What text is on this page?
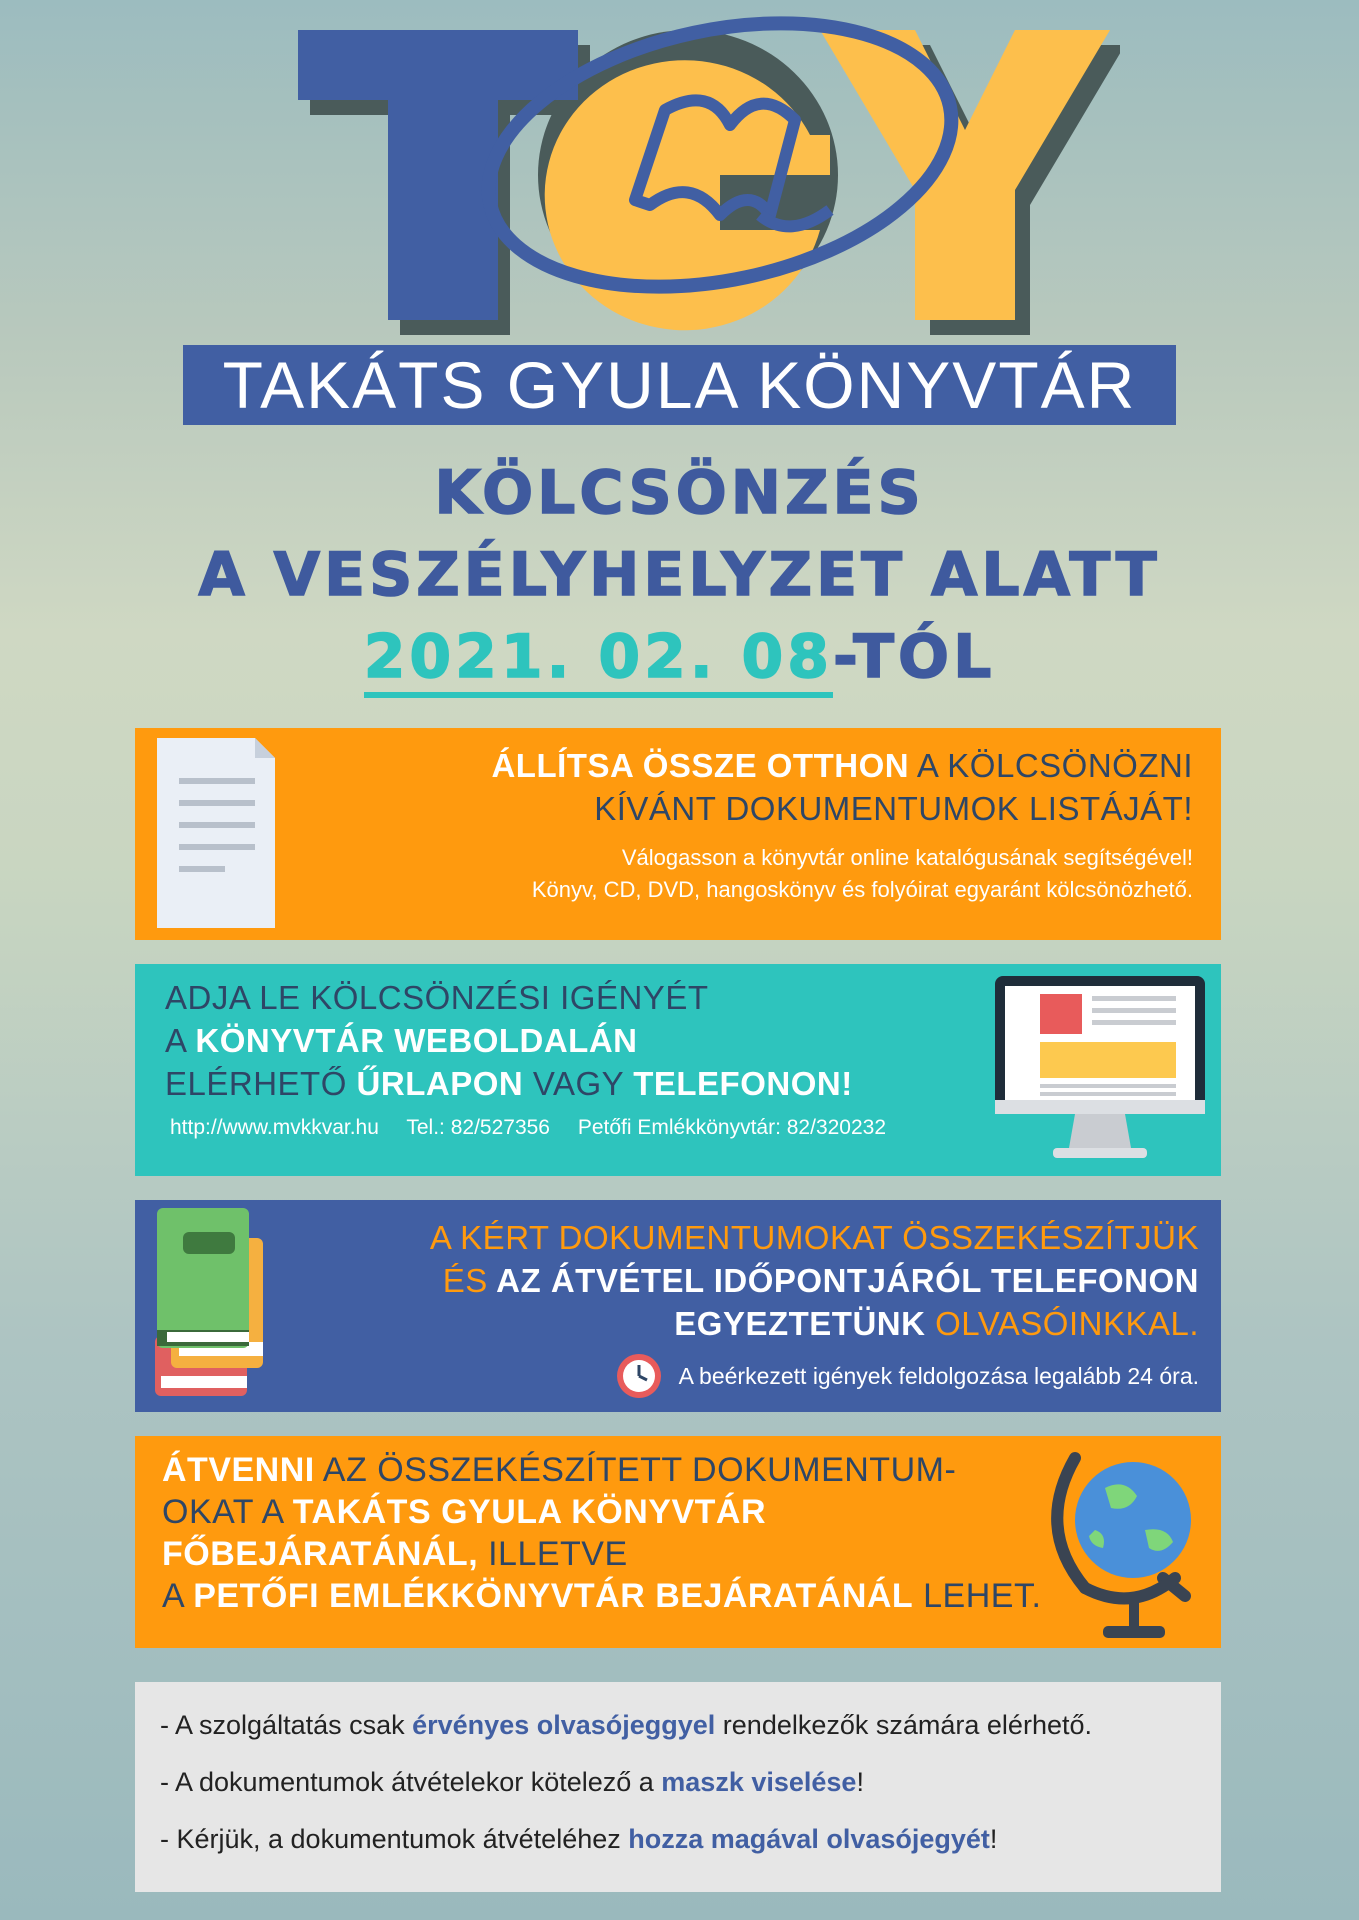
TAKÁTS GYULA KÖNYVTÁR
KÖLCSÖNZÉS
A VESZÉLYHELYZET ALATT
2021. 02. 08-TÓL
ÁLLÍTSA ÖSSZE OTTHON A KÖLCSÖNÖZNI
KÍVÁNT DOKUMENTUMOK LISTÁJÁT!
Válogasson a könyvtár online katalógusának segítségével!
Könyv, CD, DVD, hangoskönyv és folyóirat egyaránt kölcsönözhető.
ADJA LE KÖLCSÖNZÉSI IGÉNYÉT
A KÖNYVTÁR WEBOLDALÁN
ELÉRHETŐ ŰRLAPON VAGY TELEFONON!
http://www.mvkkvar.hu Tel.: 82/527356 Petőfi Emlékkönyvtár: 82/320232
A KÉRT DOKUMENTUMOKAT ÖSSZEKÉSZÍTJÜK
ÉS AZ ÁTVÉTEL IDŐPONTJÁRÓL TELEFONON
EGYEZTETÜNK OLVASÓINKKAL.
A beérkezett igények feldolgozása legalább 24 óra.
ÁTVENNI AZ ÖSSZEKÉSZÍTETT DOKUMENTUM-
OKAT A TAKÁTS GYULA KÖNYVTÁR
FŐBEJÁRATÁNÁL, ILLETVE
A PETŐFI EMLÉKKÖNYVTÁR BEJÁRATÁNÁL LEHET.
- A szolgáltatás csak érvényes olvasójeggyel rendelkezők számára elérhető.
- A dokumentumok átvételekor kötelező a maszk viselése!
- Kérjük, a dokumentumok átvételéhez hozza magával olvasójegyét!
